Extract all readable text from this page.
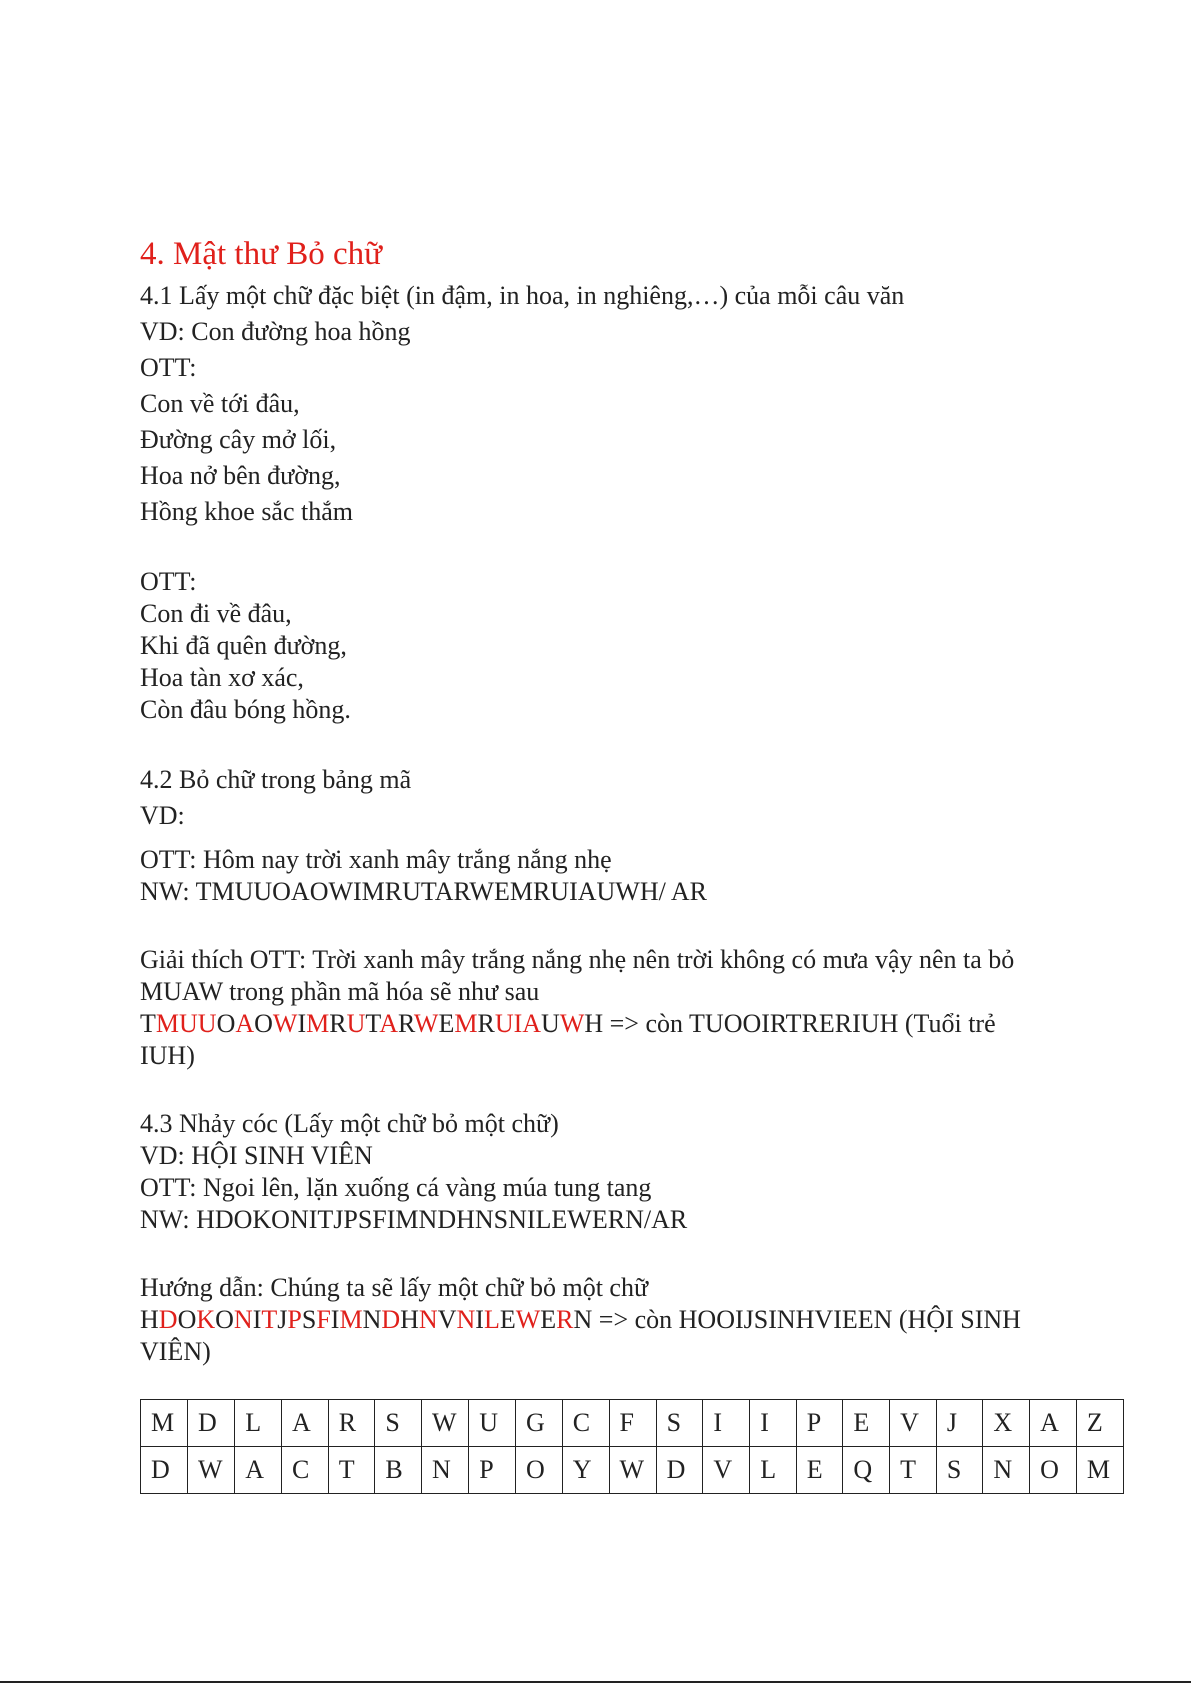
4. Mật thư Bỏ chữ
4.1 Lấy một chữ đặc biệt (in đậm, in hoa, in nghiêng,…) của mỗi câu văn
VD: Con đường hoa hồng
OTT:
Con về tới đâu,
Đường cây mở lối,
Hoa nở bên đường,
Hồng khoe sắc thắm
OTT:
Con đi về đâu,
Khi đã quên đường,
Hoa tàn xơ xác,
Còn đâu bóng hồng.
4.2 Bỏ chữ trong bảng mã
VD:
OTT: Hôm nay trời xanh mây trắng nắng nhẹ
NW: TMUUOAOWIMRUTARWEMRUIAUWH/ AR
Giải thích OTT: Trời xanh mây trắng nắng nhẹ nên trời không có mưa vậy nên ta bỏ MUAW trong phần mã hóa sẽ như sau
TMUUOAOWIMRUTARWEMRUIAUWH => còn TUOOIRTRERIUH (Tuổi trẻ IUH)
4.3 Nhảy cóc (Lấy một chữ bỏ một chữ)
VD: HỘI SINH VIÊN
OTT: Ngoi lên, lặn xuống cá vàng múa tung tang
NW: HDOKONITJPSFIMNDHNSNILEWERN/AR
Hướng dẫn: Chúng ta sẽ lấy một chữ bỏ một chữ
HDOKONITJPSFIMNDHNVNILEWERN => còn HOOIJSINHVIEEN (HỘI SINH VIÊN)
M	D	L	A	R	S	W	U	G	C	F	S	I	I	P	E	V	J	X	A	Z
D	W	A	C	T	B	N	P	O	Y	W	D	V	L	E	Q	T	S	N	O	M
